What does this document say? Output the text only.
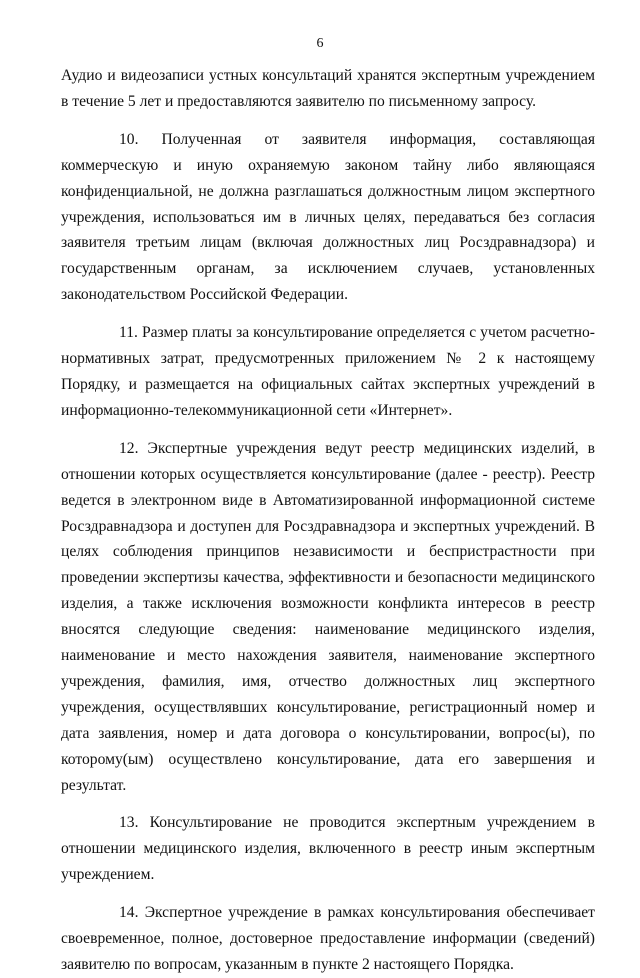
6

Аудио и видеозаписи устных консультаций хранятся экспертным учреждением в течение 5 лет и предоставляются заявителю по письменному запросу.

10. Полученная от заявителя информация, составляющая коммерческую и иную охраняемую законом тайну либо являющаяся конфиденциальной, не должна разглашаться должностным лицом экспертного учреждения, использоваться им в личных целях, передаваться без согласия заявителя третьим лицам (включая должностных лиц Росздравнадзора) и государственным органам, за исключением случаев, установленных законодательством Российской Федерации.

11. Размер платы за консультирование определяется с учетом расчетно-нормативных затрат, предусмотренных приложением № 2 к настоящему Порядку, и размещается на официальных сайтах экспертных учреждений в информационно-телекоммуникационной сети «Интернет».

12. Экспертные учреждения ведут реестр медицинских изделий, в отношении которых осуществляется консультирование (далее - реестр). Реестр ведется в электронном виде в Автоматизированной информационной системе Росздравнадзора и доступен для Росздравнадзора и экспертных учреждений. В целях соблюдения принципов независимости и беспристрастности при проведении экспертизы качества, эффективности и безопасности медицинского изделия, а также исключения возможности конфликта интересов в реестр вносятся следующие сведения: наименование медицинского изделия, наименование и место нахождения заявителя, наименование экспертного учреждения, фамилия, имя, отчество должностных лиц экспертного учреждения, осуществлявших консультирование, регистрационный номер и дата заявления, номер и дата договора о консультировании, вопрос(ы), по которому(ым) осуществлено консультирование, дата его завершения и результат.

13. Консультирование не проводится экспертным учреждением в отношении медицинского изделия, включенного в реестр иным экспертным учреждением.

14. Экспертное учреждение в рамках консультирования обеспечивает своевременное, полное, достоверное предоставление информации (сведений) заявителю по вопросам, указанным в пункте 2 настоящего Порядка.
